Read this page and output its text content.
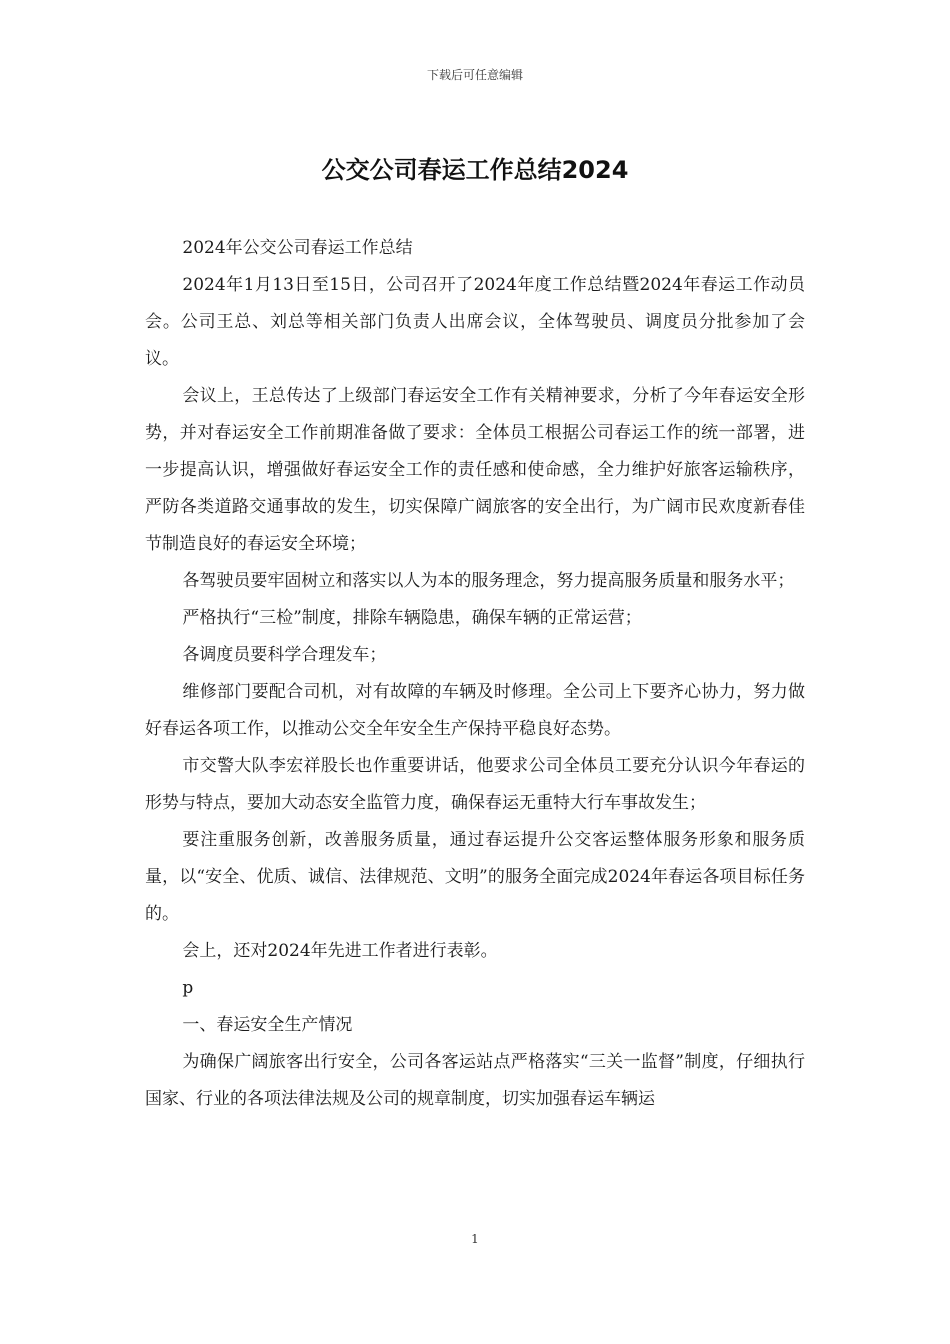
下载后可任意编辑
公交公司春运工作总结2024

2024年公交公司春运工作总结

2024年1月13日至15日，公司召开了2024年度工作总结暨2024年春运工作动员会。公司王总、刘总等相关部门负责人出席会议，全体驾驶员、调度员分批参加了会议。

会议上，王总传达了上级部门春运安全工作有关精神要求，分析了今年春运安全形势，并对春运安全工作前期准备做了要求：全体员工根据公司春运工作的统一部署，进一步提高认识，增强做好春运安全工作的责任感和使命感，全力维护好旅客运输秩序，严防各类道路交通事故的发生，切实保障广阔旅客的安全出行，为广阔市民欢度新春佳节制造良好的春运安全环境；

各驾驶员要牢固树立和落实以人为本的服务理念，努力提高服务质量和服务水平；

严格执行“三检”制度，排除车辆隐患，确保车辆的正常运营；

各调度员要科学合理发车；

维修部门要配合司机，对有故障的车辆及时修理。全公司上下要齐心协力，努力做好春运各项工作，以推动公交全年安全生产保持平稳良好态势。

市交警大队李宏祥股长也作重要讲话，他要求公司全体员工要充分认识今年春运的形势与特点，要加大动态安全监管力度，确保春运无重特大行车事故发生；

要注重服务创新，改善服务质量，通过春运提升公交客运整体服务形象和服务质量，以“安全、优质、诚信、法律规范、文明”的服务全面完成2024年春运各项目标任务的。

会上，还对2024年先进工作者进行表彰。

p

一、春运安全生产情况

为确保广阔旅客出行安全，公司各客运站点严格落实“三关一监督”制度，仔细执行国家、行业的各项法律法规及公司的规章制度，切实加强春运车辆运

1
